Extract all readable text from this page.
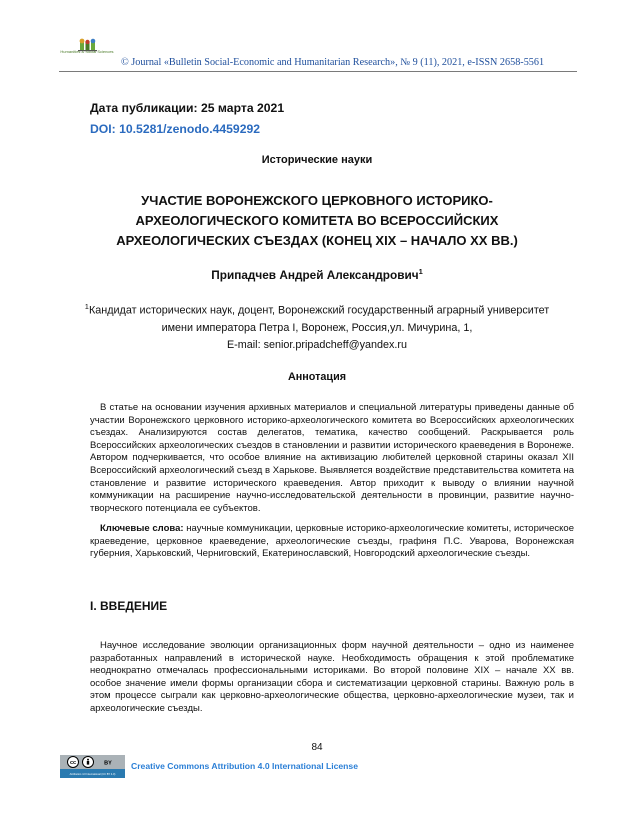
Humanities & Social Sciences
© Journal «Bulletin Social-Economic and Humanitarian Research», № 9 (11), 2021, e-ISSN 2658-5561
Дата публикации: 25 марта 2021
DOI: 10.5281/zenodo.4459292
Исторические науки
УЧАСТИЕ ВОРОНЕЖСКОГО ЦЕРКОВНОГО ИСТОРИКО-
АРХЕОЛОГИЧЕСКОГО КОМИТЕТА ВО ВСЕРОССИЙСКИХ
АРХЕОЛОГИЧЕСКИХ СЪЕЗДАХ (КОНЕЦ XIX – НАЧАЛО XX ВВ.)
Припадчев Андрей Александрович$^1$
$^1$Кандидат исторических наук, доцент, Воронежский государственный аграрный университет
имени императора Петра I, Воронеж, Россия,ул. Мичурина, 1,
E-mail: senior.pripadcheff@yandex.ru
Аннотация

В статье на основании изучения архивных материалов и специальной литературы приведены данные об участии Воронежского церковного историко-археологического комитета во Всероссийских археологических съездах. Анализируются состав делегатов, тематика, качество сообщений. Раскрывается роль Всероссийских археологических съездов в становлении и развитии исторического краеведения в Воронеже. Автором подчеркивается, что особое влияние на активизацию любителей церковной старины оказал XII Всероссийский археологический съезд в Харькове. Выявляется воздействие представительства комитета на становление и развитие исторического краеведения. Автор приходит к выводу о влиянии научной коммуникации на расширение научно-исследовательской деятельности в провинции, развитие научно-творческого потенциала ее субъектов.

Ключевые слова: научные коммуникации, церковные историко-археологические комитеты, историческое краеведение, церковное краеведение, археологические съезды, графиня П.С. Уварова, Воронежская губерния, Харьковский, Черниговский, Екатеринославский, Новгородский археологические съезды.

I. ВВЕДЕНИЕ

Научное исследование эволюции организационных форм научной деятельности – одно из наименее разработанных направлений в исторической науке. Необходимость обращения к этой проблематике неоднократно отмечалась профессиональными историками. Во второй половине XIX – начале XX вв. особое значение имели формы организации сбора и систематизации церковной старины. Важную роль в этом процессе сыграли как церковно-археологические общества, церковно-археологические музеи, так и археологические съезды.

84
cc	BY
Attribution 4.0 International (CC BY 4.0)
Creative Commons Attribution 4.0 International License
